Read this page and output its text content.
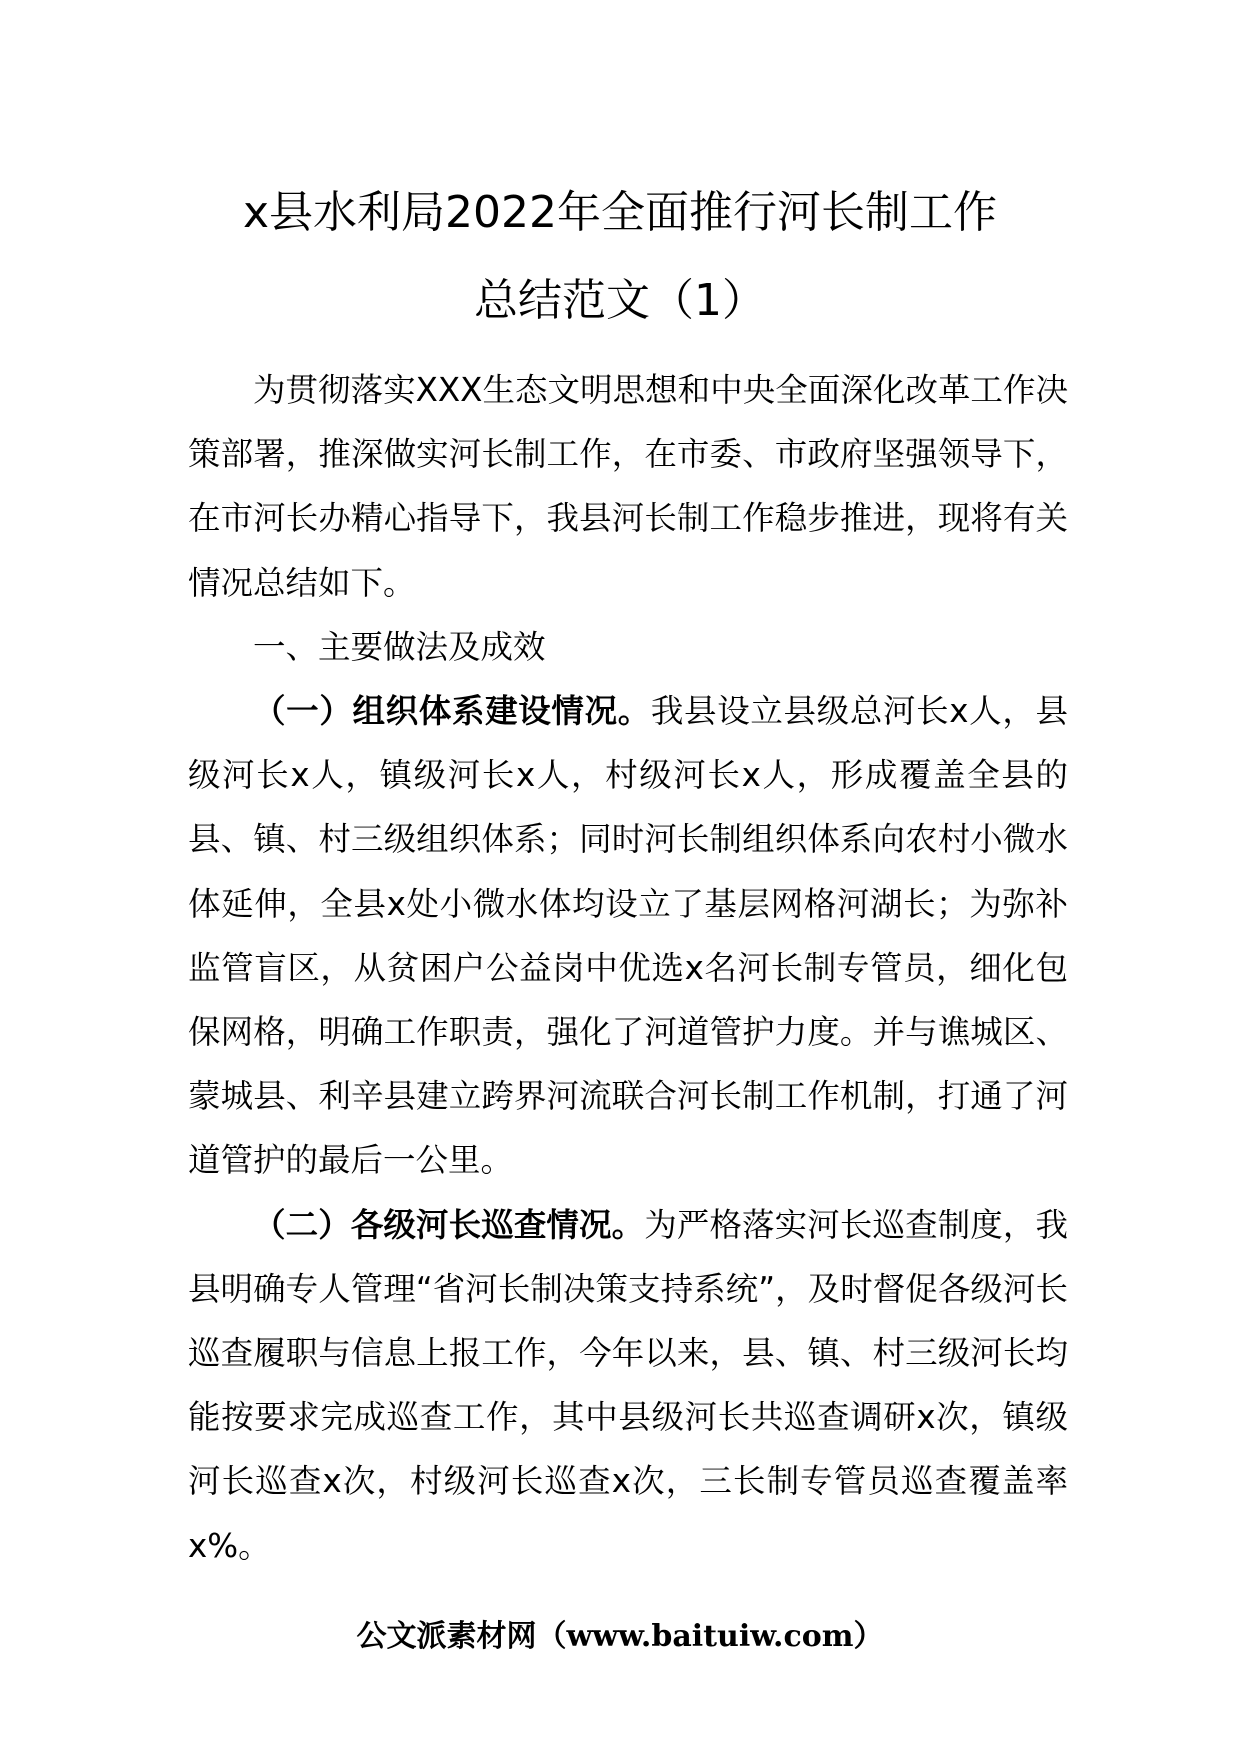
x县水利局2022年全面推行河长制工作
总结范文（1）

为贯彻落实XXX生态文明思想和中央全面深化改革工作决策部署，推深做实河长制工作，在市委、市政府坚强领导下，在市河长办精心指导下，我县河长制工作稳步推进，现将有关情况总结如下。

一、主要做法及成效

（一）组织体系建设情况。我县设立县级总河长x人，县级河长x人，镇级河长x人，村级河长x人，形成覆盖全县的县、镇、村三级组织体系；同时河长制组织体系向农村小微水体延伸，全县x处小微水体均设立了基层网格河湖长；为弥补监管盲区，从贫困户公益岗中优选x名河长制专管员，细化包保网格，明确工作职责，强化了河道管护力度。并与谯城区、蒙城县、利辛县建立跨界河流联合河长制工作机制，打通了河道管护的最后一公里。

（二）各级河长巡查情况。为严格落实河长巡查制度，我县明确专人管理“省河长制决策支持系统”，及时督促各级河长巡查履职与信息上报工作，今年以来，县、镇、村三级河长均能按要求完成巡查工作，其中县级河长共巡查调研x次，镇级河长巡查x次，村级河长巡查x次，三长制专管员巡查覆盖率x%。

公文派素材网（www.baituiw.com）
